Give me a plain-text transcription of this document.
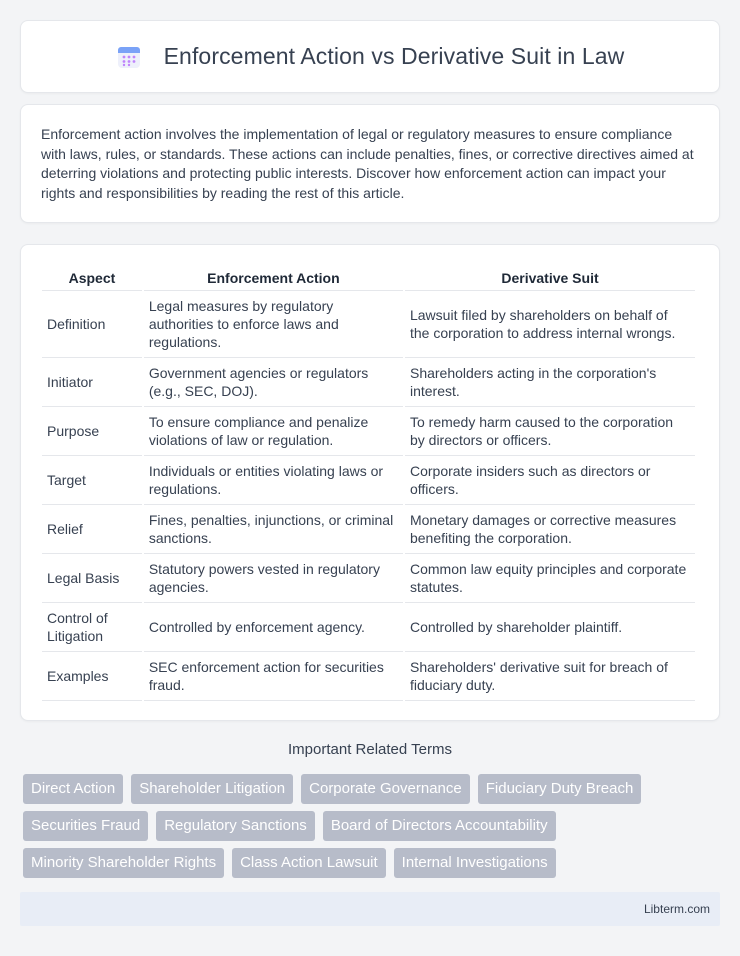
Enforcement Action vs Derivative Suit in Law

Enforcement action involves the implementation of legal or regulatory measures to ensure compliance with laws, rules, or standards. These actions can include penalties, fines, or corrective directives aimed at deterring violations and protecting public interests. Discover how enforcement action can impact your rights and responsibilities by reading the rest of this article.

Aspect	Enforcement Action	Derivative Suit
Definition	Legal measures by regulatory authorities to enforce laws and regulations.	Lawsuit filed by shareholders on behalf of the corporation to address internal wrongs.
Initiator	Government agencies or regulators (e.g., SEC, DOJ).	Shareholders acting in the corporation's interest.
Purpose	To ensure compliance and penalize violations of law or regulation.	To remedy harm caused to the corporation by directors or officers.
Target	Individuals or entities violating laws or regulations.	Corporate insiders such as directors or officers.
Relief	Fines, penalties, injunctions, or criminal sanctions.	Monetary damages or corrective measures benefiting the corporation.
Legal Basis	Statutory powers vested in regulatory agencies.	Common law equity principles and corporate statutes.
Control of Litigation	Controlled by enforcement agency.	Controlled by shareholder plaintiff.
Examples	SEC enforcement action for securities fraud.	Shareholders' derivative suit for breach of fiduciary duty.
Important Related Terms
Direct Action	Shareholder Litigation	Corporate Governance	Fiduciary Duty Breach
Securities Fraud	Regulatory Sanctions	Board of Directors Accountability
Minority Shareholder Rights	Class Action Lawsuit	Internal Investigations
Libterm.com
